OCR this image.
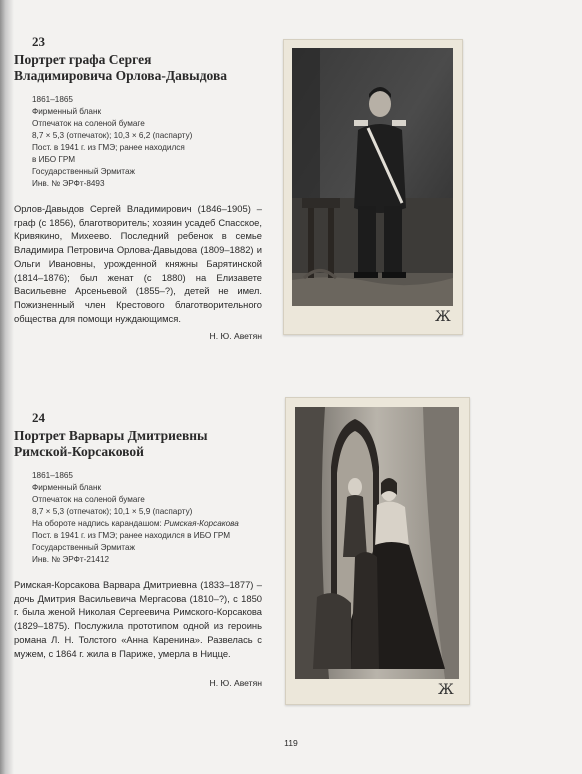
23
Портрет графа Сергея
Владимировича Орлова-Давыдова
1861–1865
Фирменный бланк
Отпечаток на соленой бумаге
8,7 × 5,3 (отпечаток); 10,3 × 6,2 (паспарту)
Пост. в 1941 г. из ГМЭ; ранее находился
в ИБО ГРМ
Государственный Эрмитаж
Инв. № ЭРФт-8493
Орлов-Давыдов Сергей Владимирович (1846–1905) – граф (с 1856), благотворитель; хозяин усадеб Спасское, Кривякино, Михеево. Последний ребенок в семье Владимира Петровича Орлова-Давыдова (1809–1882) и Ольги Ивановны, урожденной княжны Барятинской (1814–1876); был женат (с 1880) на Елизавете Васильевне Арсеньевой (1855–?), детей не имел. Пожизненный член Крестового благотворительного общества для помощи нуждающимся.
Н. Ю. Аветян
Ж
24
Портрет Варвары Дмитриевны
Римской-Корсаковой
1861–1865
Фирменный бланк
Отпечаток на соленой бумаге
8,7 × 5,3 (отпечаток); 10,1 × 5,9 (паспарту)
На обороте надпись карандашом: Римская-Корсакова
Пост. в 1941 г. из ГМЭ; ранее находился в ИБО ГРМ
Государственный Эрмитаж
Инв. № ЭРФт-21412
Римская-Корсакова Варвара Дмитриевна (1833–1877) – дочь Дмитрия Васильевича Мергасова (1810–?), с 1850 г. была женой Николая Сергеевича Римского-Корсакова (1829–1875). Послужила прототипом одной из героинь романа Л. Н. Толстого «Анна Каренина». Развелась с мужем, с 1864 г. жила в Париже, умерла в Ницце.
Н. Ю. Аветян	Ж
119
